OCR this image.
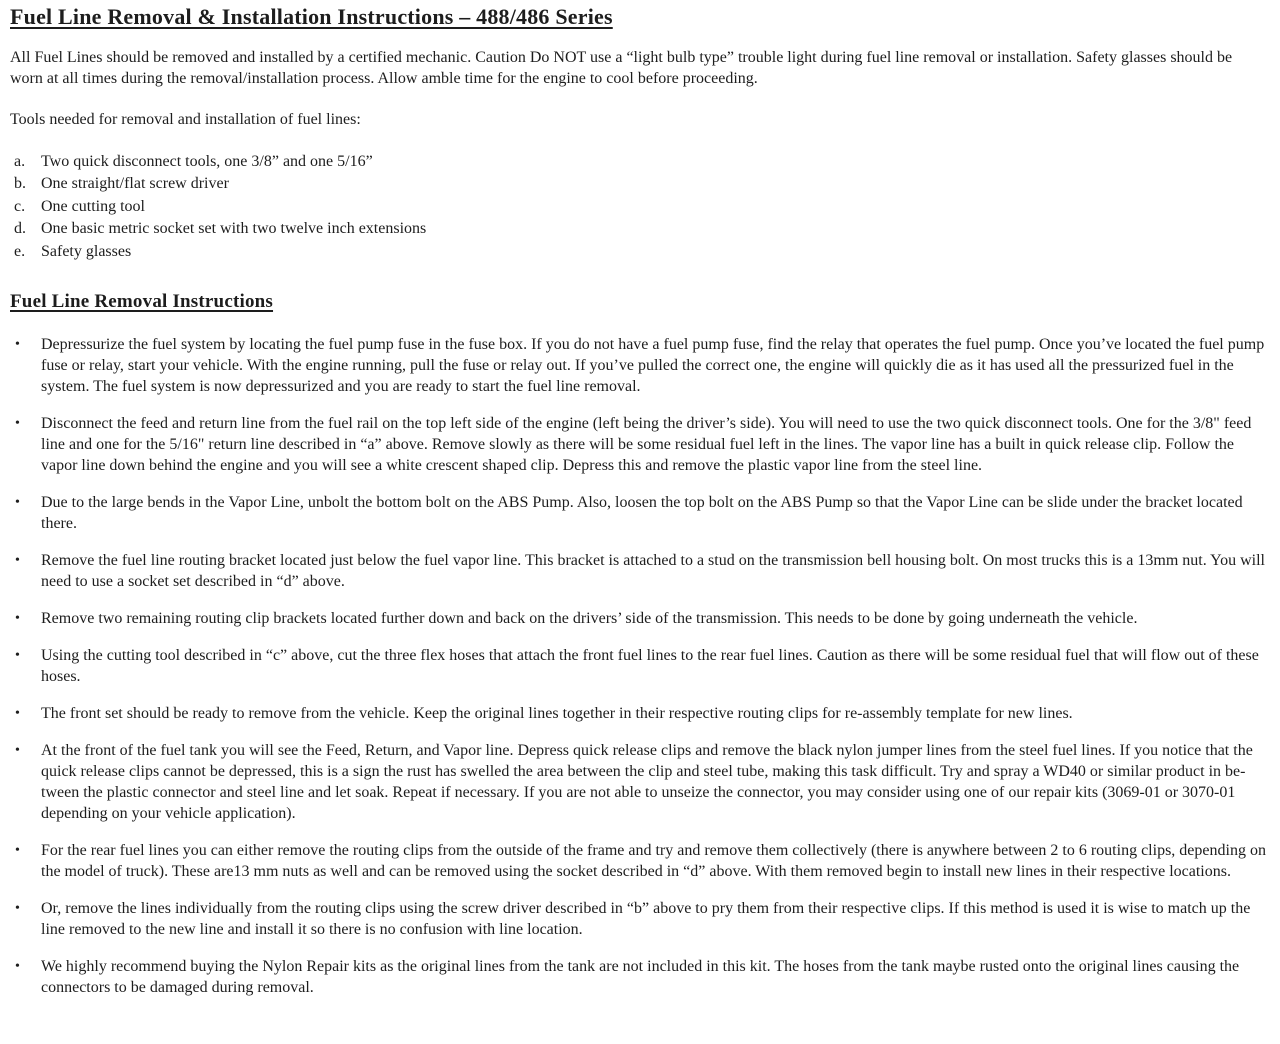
Fuel Line Removal & Installation Instructions – 488/486 Series

All Fuel Lines should be removed and installed by a certified mechanic. Caution Do NOT use a “light bulb type” trouble light during fuel line removal or installation. Safety glasses should be worn at all times during the removal/installation process. Allow amble time for the engine to cool before proceeding.

Tools needed for removal and installation of fuel lines:

a. Two quick disconnect tools, one 3/8” and one 5/16”
b. One straight/flat screw driver
c. One cutting tool
d. One basic metric socket set with two twelve inch extensions
e. Safety glasses
Fuel Line Removal Instructions
•	Depressurize the fuel system by locating the fuel pump fuse in the fuse box. If you do not have a fuel pump fuse, find the relay that operates the fuel pump. Once you’ve located the fuel pump fuse or relay, start your vehicle. With the engine running, pull the fuse or relay out. If you’ve pulled the correct one, the engine will quickly die as it has used all the pressurized fuel in the system. The fuel system is now depressurized and you are ready to start the fuel line removal.
•	Disconnect the feed and return line from the fuel rail on the top left side of the engine (left being the driver’s side). You will need to use the two quick disconnect tools. One for the 3/8" feed line and one for the 5/16" return line described in “a” above. Remove slowly as there will be some residual fuel left in the lines. The vapor line has a built in quick release clip. Follow the vapor line down behind the engine and you will see a white crescent shaped clip. Depress this and remove the plastic vapor line from the steel line.
•	Due to the large bends in the Vapor Line, unbolt the bottom bolt on the ABS Pump. Also, loosen the top bolt on the ABS Pump so that the Vapor Line can be slide under the bracket located there.
•	Remove the fuel line routing bracket located just below the fuel vapor line. This bracket is attached to a stud on the transmission bell housing bolt. On most trucks this is a 13mm nut. You will need to use a socket set described in “d” above.
•	Remove two remaining routing clip brackets located further down and back on the drivers’ side of the transmission. This needs to be done by going underneath the vehicle.
•	Using the cutting tool described in “c” above, cut the three flex hoses that attach the front fuel lines to the rear fuel lines. Caution as there will be some residual fuel that will flow out of these hoses.
•	The front set should be ready to remove from the vehicle. Keep the original lines together in their respective routing clips for re-assembly template for new lines.
•	At the front of the fuel tank you will see the Feed, Return, and Vapor line. Depress quick release clips and remove the black nylon jumper lines from the steel fuel lines. If you notice that the quick release clips cannot be depressed, this is a sign the rust has swelled the area between the clip and steel tube, making this task difficult. Try and spray a WD40 or similar product in be-tween the plastic connector and steel line and let soak. Repeat if necessary. If you are not able to unseize the connector, you may consider using one of our repair kits (3069-01 or 3070-01 depending on your vehicle application).
•	For the rear fuel lines you can either remove the routing clips from the outside of the frame and try and remove them collectively (there is anywhere between 2 to 6 routing clips, depending on the model of truck). These are13 mm nuts as well and can be removed using the socket described in “d” above. With them removed begin to install new lines in their respective locations.
•	Or, remove the lines individually from the routing clips using the screw driver described in “b” above to pry them from their respective clips. If this method is used it is wise to match up the line removed to the new line and install it so there is no confusion with line location.
•	We highly recommend buying the Nylon Repair kits as the original lines from the tank are not included in this kit. The hoses from the tank maybe rusted onto the original lines causing the connectors to be damaged during removal.
